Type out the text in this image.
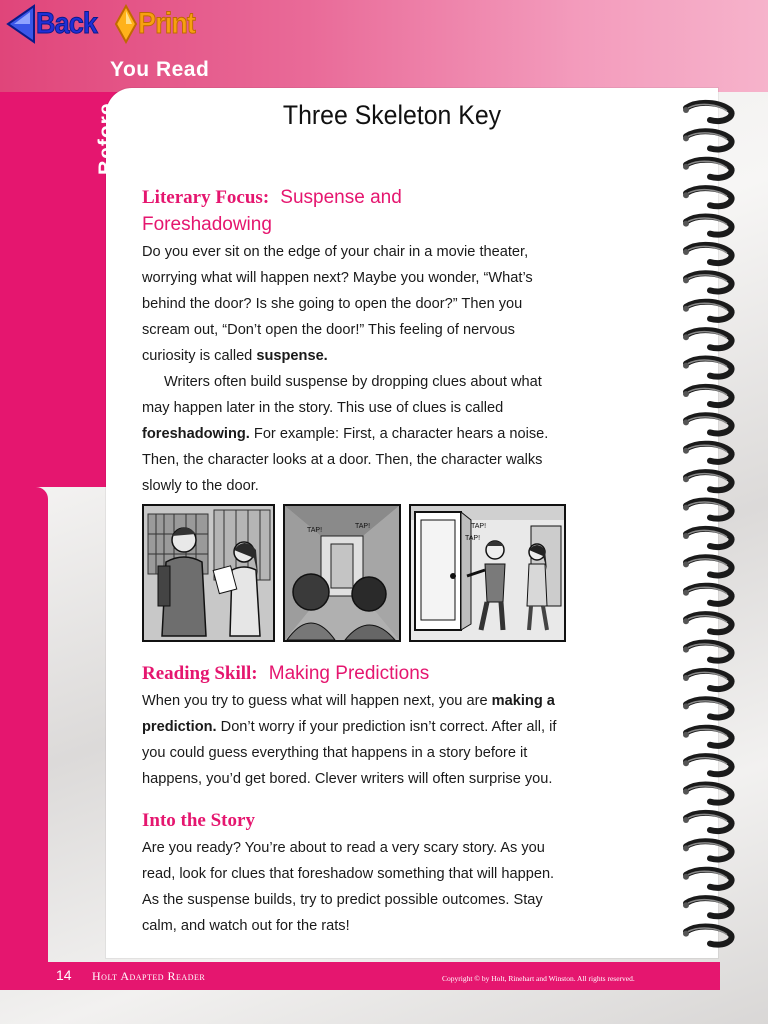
Back Print
You Read
Before	Three Skeleton Key
Literary Focus: Suspense and
Foreshadowing
Do you ever sit on the edge of your chair in a movie theater, worrying what will happen next? Maybe you wonder, “What’s behind the door? Is she going to open the door?” Then you scream out, “Don’t open the door!” This feeling of nervous curiosity is called suspense.
Writers often build suspense by dropping clues about what may happen later in the story. This use of clues is called foreshadowing. For example: First, a character hears a noise. Then, the character looks at a door. Then, the character walks slowly to the door.
TAP!
TAP!	TAP!
TAP!
Reading Skill: Making Predictions
When you try to guess what will happen next, you are making a prediction. Don’t worry if your prediction isn’t correct. After all, if you could guess everything that happens in a story before it happens, you’d get bored. Clever writers will often surprise you.
Into the Story
Are you ready? You’re about to read a very scary story. As you read, look for clues that foreshadow something that will happen. As the suspense builds, try to predict possible outcomes. Stay calm, and watch out for the rats!
14 Holt Adapted Reader	Copyright © by Holt, Rinehart and Winston. All rights reserved.
